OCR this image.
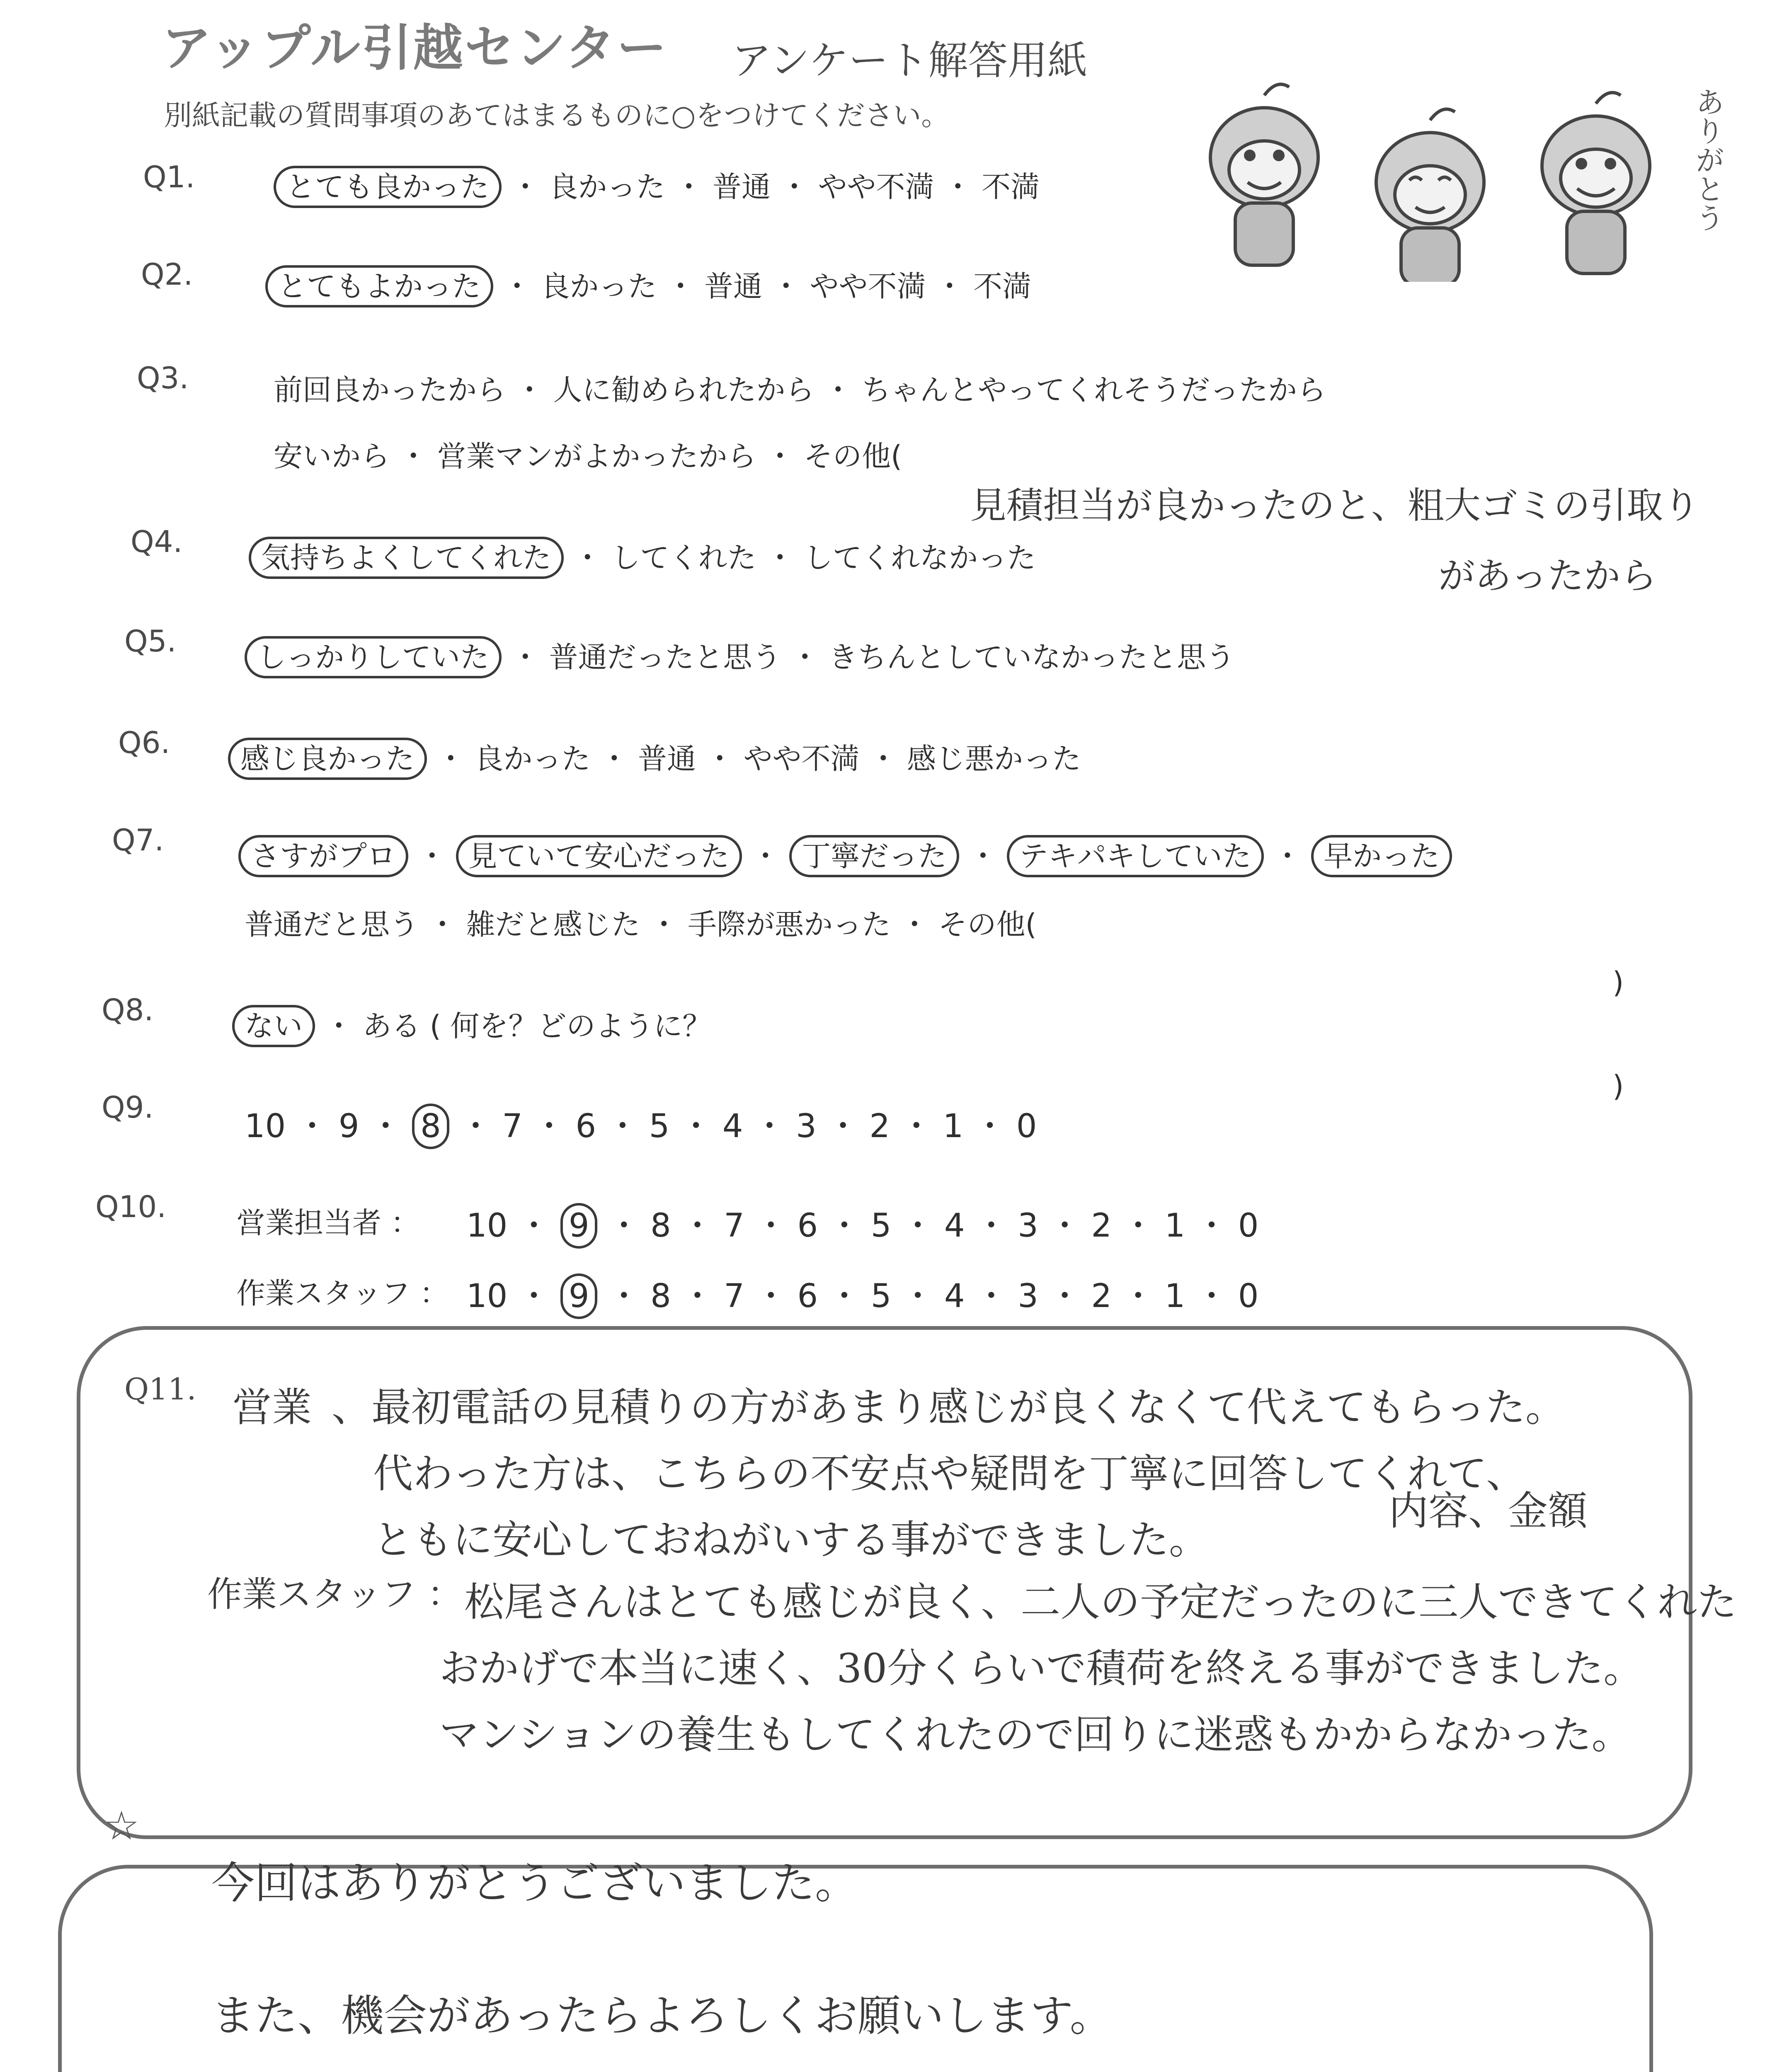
アップル引越センター アンケート解答用紙
別紙記載の質問事項のあてはまるものに○をつけてください。	ありがとう
Q1.	とても良かった ・ 良かった ・ 普通 ・ やや不満 ・ 不満
Q2.	とてもよかった ・ 良かった ・ 普通 ・ やや不満 ・ 不満
Q3.	前回良かったから ・ 人に勧められたから ・ ちゃんとやってくれそうだったから
安いから ・ 営業マンがよかったから ・ その他(
見積担当が良かったのと、粗大ゴミの引取り
があったから
Q4.	気持ちよくしてくれた ・ してくれた ・ してくれなかった
Q5.	しっかりしていた ・ 普通だったと思う ・ きちんとしていなかったと思う
Q6.	感じ良かった ・ 良かった ・ 普通 ・ やや不満 ・ 感じ悪かった
Q7.	さすがプロ ・ 見ていて安心だった ・ 丁寧だった ・ テキパキしていた ・ 早かった
普通だと思う ・ 雑だと感じた ・ 手際が悪かった ・ その他(
)
Q8.	ない ・ ある ( 何を？どのように？
)
Q9.
10 ・ 9 ・ 8 ・ 7 ・ 6 ・ 5 ・ 4 ・ 3 ・ 2 ・ 1 ・ 0
Q10. 営業担当者 ： 10 ・ 9 ・ 8 ・ 7 ・ 6 ・ 5 ・ 4 ・ 3 ・ 2 ・ 1 ・ 0
作業スタッフ ： 10 ・ 9 ・ 8 ・ 7 ・ 6 ・ 5 ・ 4 ・ 3 ・ 2 ・ 1 ・ 0
Q11. 営業 、最初電話の見積りの方があまり感じが良くなくて代えてもらった。
代わった方は、こちらの不安点や疑問を丁寧に回答してくれて、
内容、金額
ともに安心しておねがいする事ができました。
作業スタッフ ： 松尾さんはとても感じが良く、二人の予定だったのに三人できてくれた
おかげで本当に速く、30分くらいで積荷を終える事ができました。
マンションの養生もしてくれたので回りに迷惑もかからなかった。
☆
今回はありがとうございました。
また、機会があったらよろしくお願いします。
